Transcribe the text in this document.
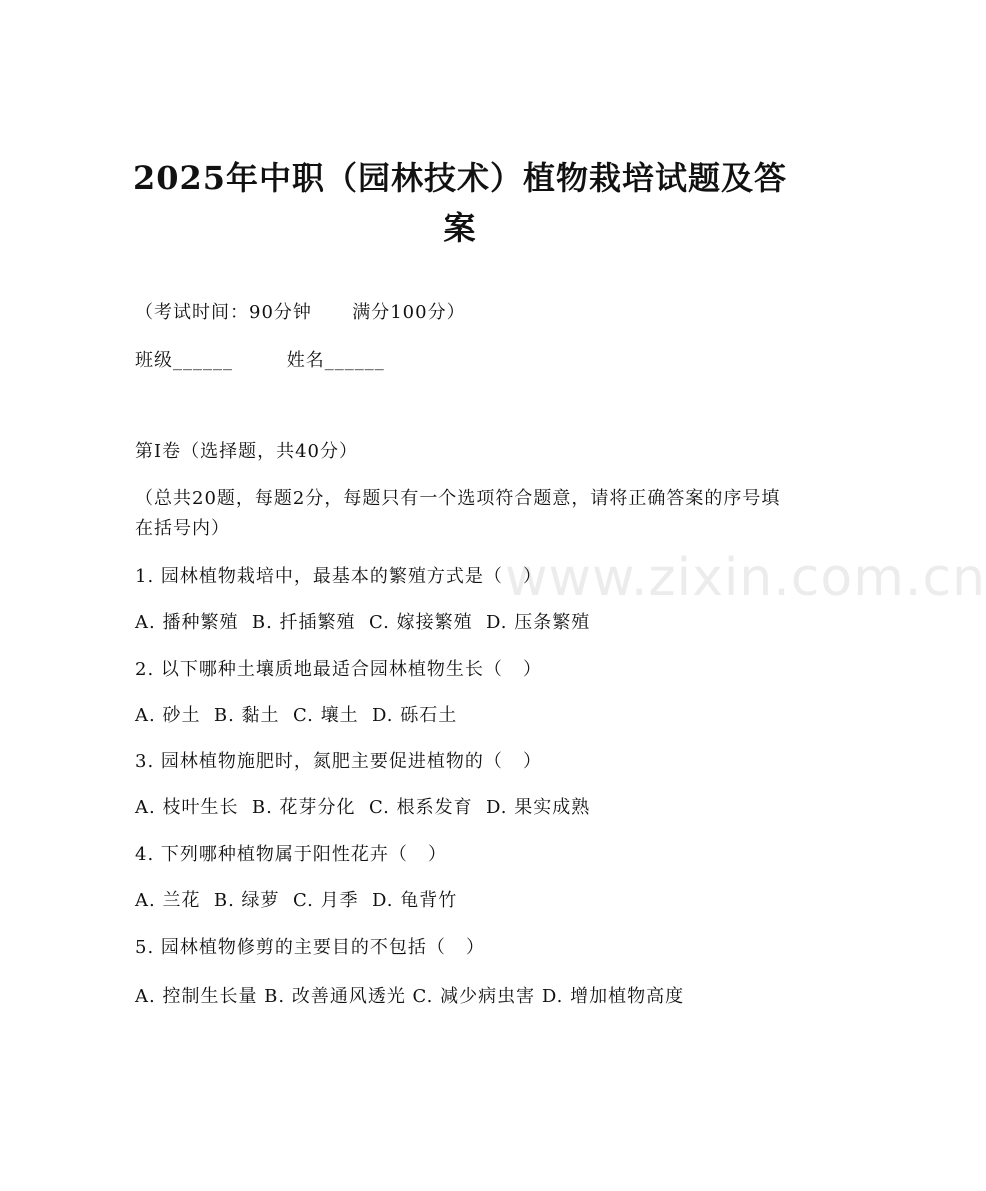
www.zixin.com.cn
2025年中职（园林技术）植物栽培试题及答案

（考试时间：90分钟      满分100分）

班级______        姓名______

第I卷（选择题，共40分）

（总共20题，每题2分，每题只有一个选项符合题意，请将正确答案的序号填在括号内）

1. 园林植物栽培中，最基本的繁殖方式是（   ）

A. 播种繁殖  B. 扦插繁殖  C. 嫁接繁殖  D. 压条繁殖

2. 以下哪种土壤质地最适合园林植物生长（   ）

A. 砂土  B. 黏土  C. 壤土  D. 砾石土

3. 园林植物施肥时，氮肥主要促进植物的（   ）

A. 枝叶生长  B. 花芽分化  C. 根系发育  D. 果实成熟

4. 下列哪种植物属于阳性花卉（   ）

A. 兰花  B. 绿萝  C. 月季  D. 龟背竹

5. 园林植物修剪的主要目的不包括（   ）

A. 控制生长量 B. 改善通风透光 C. 减少病虫害 D. 增加植物高度
